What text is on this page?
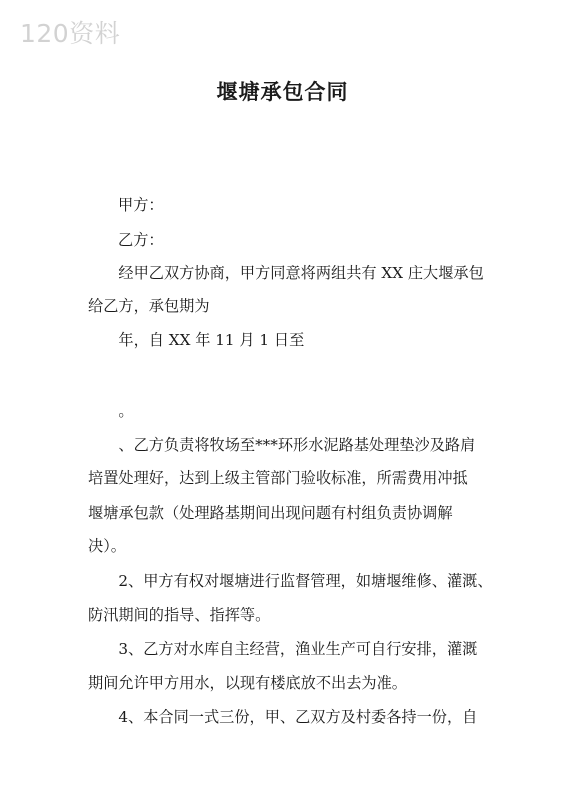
120资料
堰塘承包合同
甲方：
乙方：
　　经甲乙双方协商，甲方同意将两组共有 XX 庄大堰承包
给乙方，承包期为
　　年，自 XX 年 11 月 1 日至
　　。
　　、乙方负责将牧场至***环形水泥路基处理垫沙及路肩
培置处理好，达到上级主管部门验收标准，所需费用冲抵
堰塘承包款（处理路基期间出现问题有村组负责协调解
决）。
　　2、甲方有权对堰塘进行监督管理，如塘堰维修、灌溉、
防汛期间的指导、指挥等。
　　3、乙方对水库自主经营，渔业生产可自行安排，灌溉
期间允许甲方用水，以现有楼底放不出去为准。
　　4、本合同一式三份，甲、乙双方及村委各持一份，自
